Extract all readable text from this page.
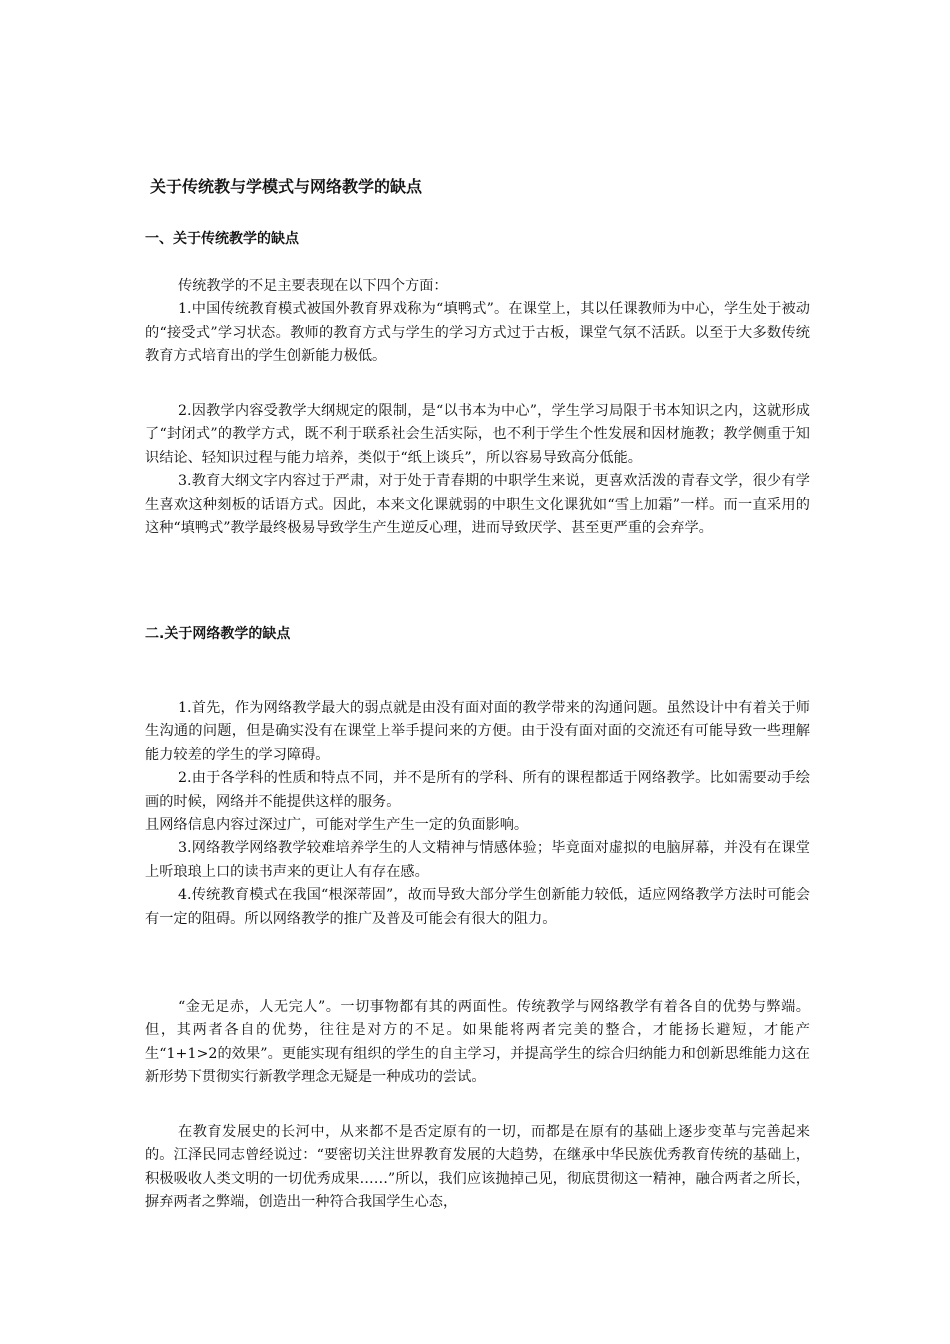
关于传统教与学模式与网络教学的缺点
一、关于传统教学的缺点

传统教学的不足主要表现在以下四个方面：

1.中国传统教育模式被国外教育界戏称为“填鸭式”。在课堂上，其以任课教师为中心，学生处于被动的“接受式”学习状态。教师的教育方式与学生的学习方式过于古板，课堂气氛不活跃。以至于大多数传统教育方式培育出的学生创新能力极低。

2.因教学内容受教学大纲规定的限制，是“以书本为中心”，学生学习局限于书本知识之内，这就形成了“封闭式”的教学方式，既不利于联系社会生活实际，也不利于学生个性发展和因材施教；教学侧重于知识结论、轻知识过程与能力培养，类似于“纸上谈兵”，所以容易导致高分低能。

3.教育大纲文字内容过于严肃，对于处于青春期的中职学生来说，更喜欢活泼的青春文学，很少有学生喜欢这种刻板的话语方式。因此，本来文化课就弱的中职生文化课犹如“雪上加霜”一样。而一直采用的这种“填鸭式”教学最终极易导致学生产生逆反心理，进而导致厌学、甚至更严重的会弃学。

二.关于网络教学的缺点

1.首先，作为网络教学最大的弱点就是由没有面对面的教学带来的沟通问题。虽然设计中有着关于师生沟通的问题，但是确实没有在课堂上举手提问来的方便。由于没有面对面的交流还有可能导致一些理解能力较差的学生的学习障碍。

2.由于各学科的性质和特点不同，并不是所有的学科、所有的课程都适于网络教学。比如需要动手绘画的时候，网络并不能提供这样的服务。

且网络信息内容过深过广，可能对学生产生一定的负面影响。

3.网络教学网络教学较难培养学生的人文精神与情感体验；毕竟面对虚拟的电脑屏幕，并没有在课堂上听琅琅上口的读书声来的更让人有存在感。

4.传统教育模式在我国“根深蒂固”，故而导致大部分学生创新能力较低，适应网络教学方法时可能会有一定的阻碍。所以网络教学的推广及普及可能会有很大的阻力。

“金无足赤，人无完人”。一切事物都有其的两面性。传统教学与网络教学有着各自的优势与弊端。但，其两者各自的优势，往往是对方的不足。如果能将两者完美的整合，才能扬长避短，才能产生“1+1>2的效果”。更能实现有组织的学生的自主学习，并提高学生的综合归纳能力和创新思维能力这在新形势下贯彻实行新教学理念无疑是一种成功的尝试。

在教育发展史的长河中，从来都不是否定原有的一切，而都是在原有的基础上逐步变革与完善起来的。江泽民同志曾经说过：“要密切关注世界教育发展的大趋势，在继承中华民族优秀教育传统的基础上，积极吸收人类文明的一切优秀成果……”所以，我们应该抛掉己见，彻底贯彻这一精神，融合两者之所长，摒弃两者之弊端，创造出一种符合我国学生心态，
